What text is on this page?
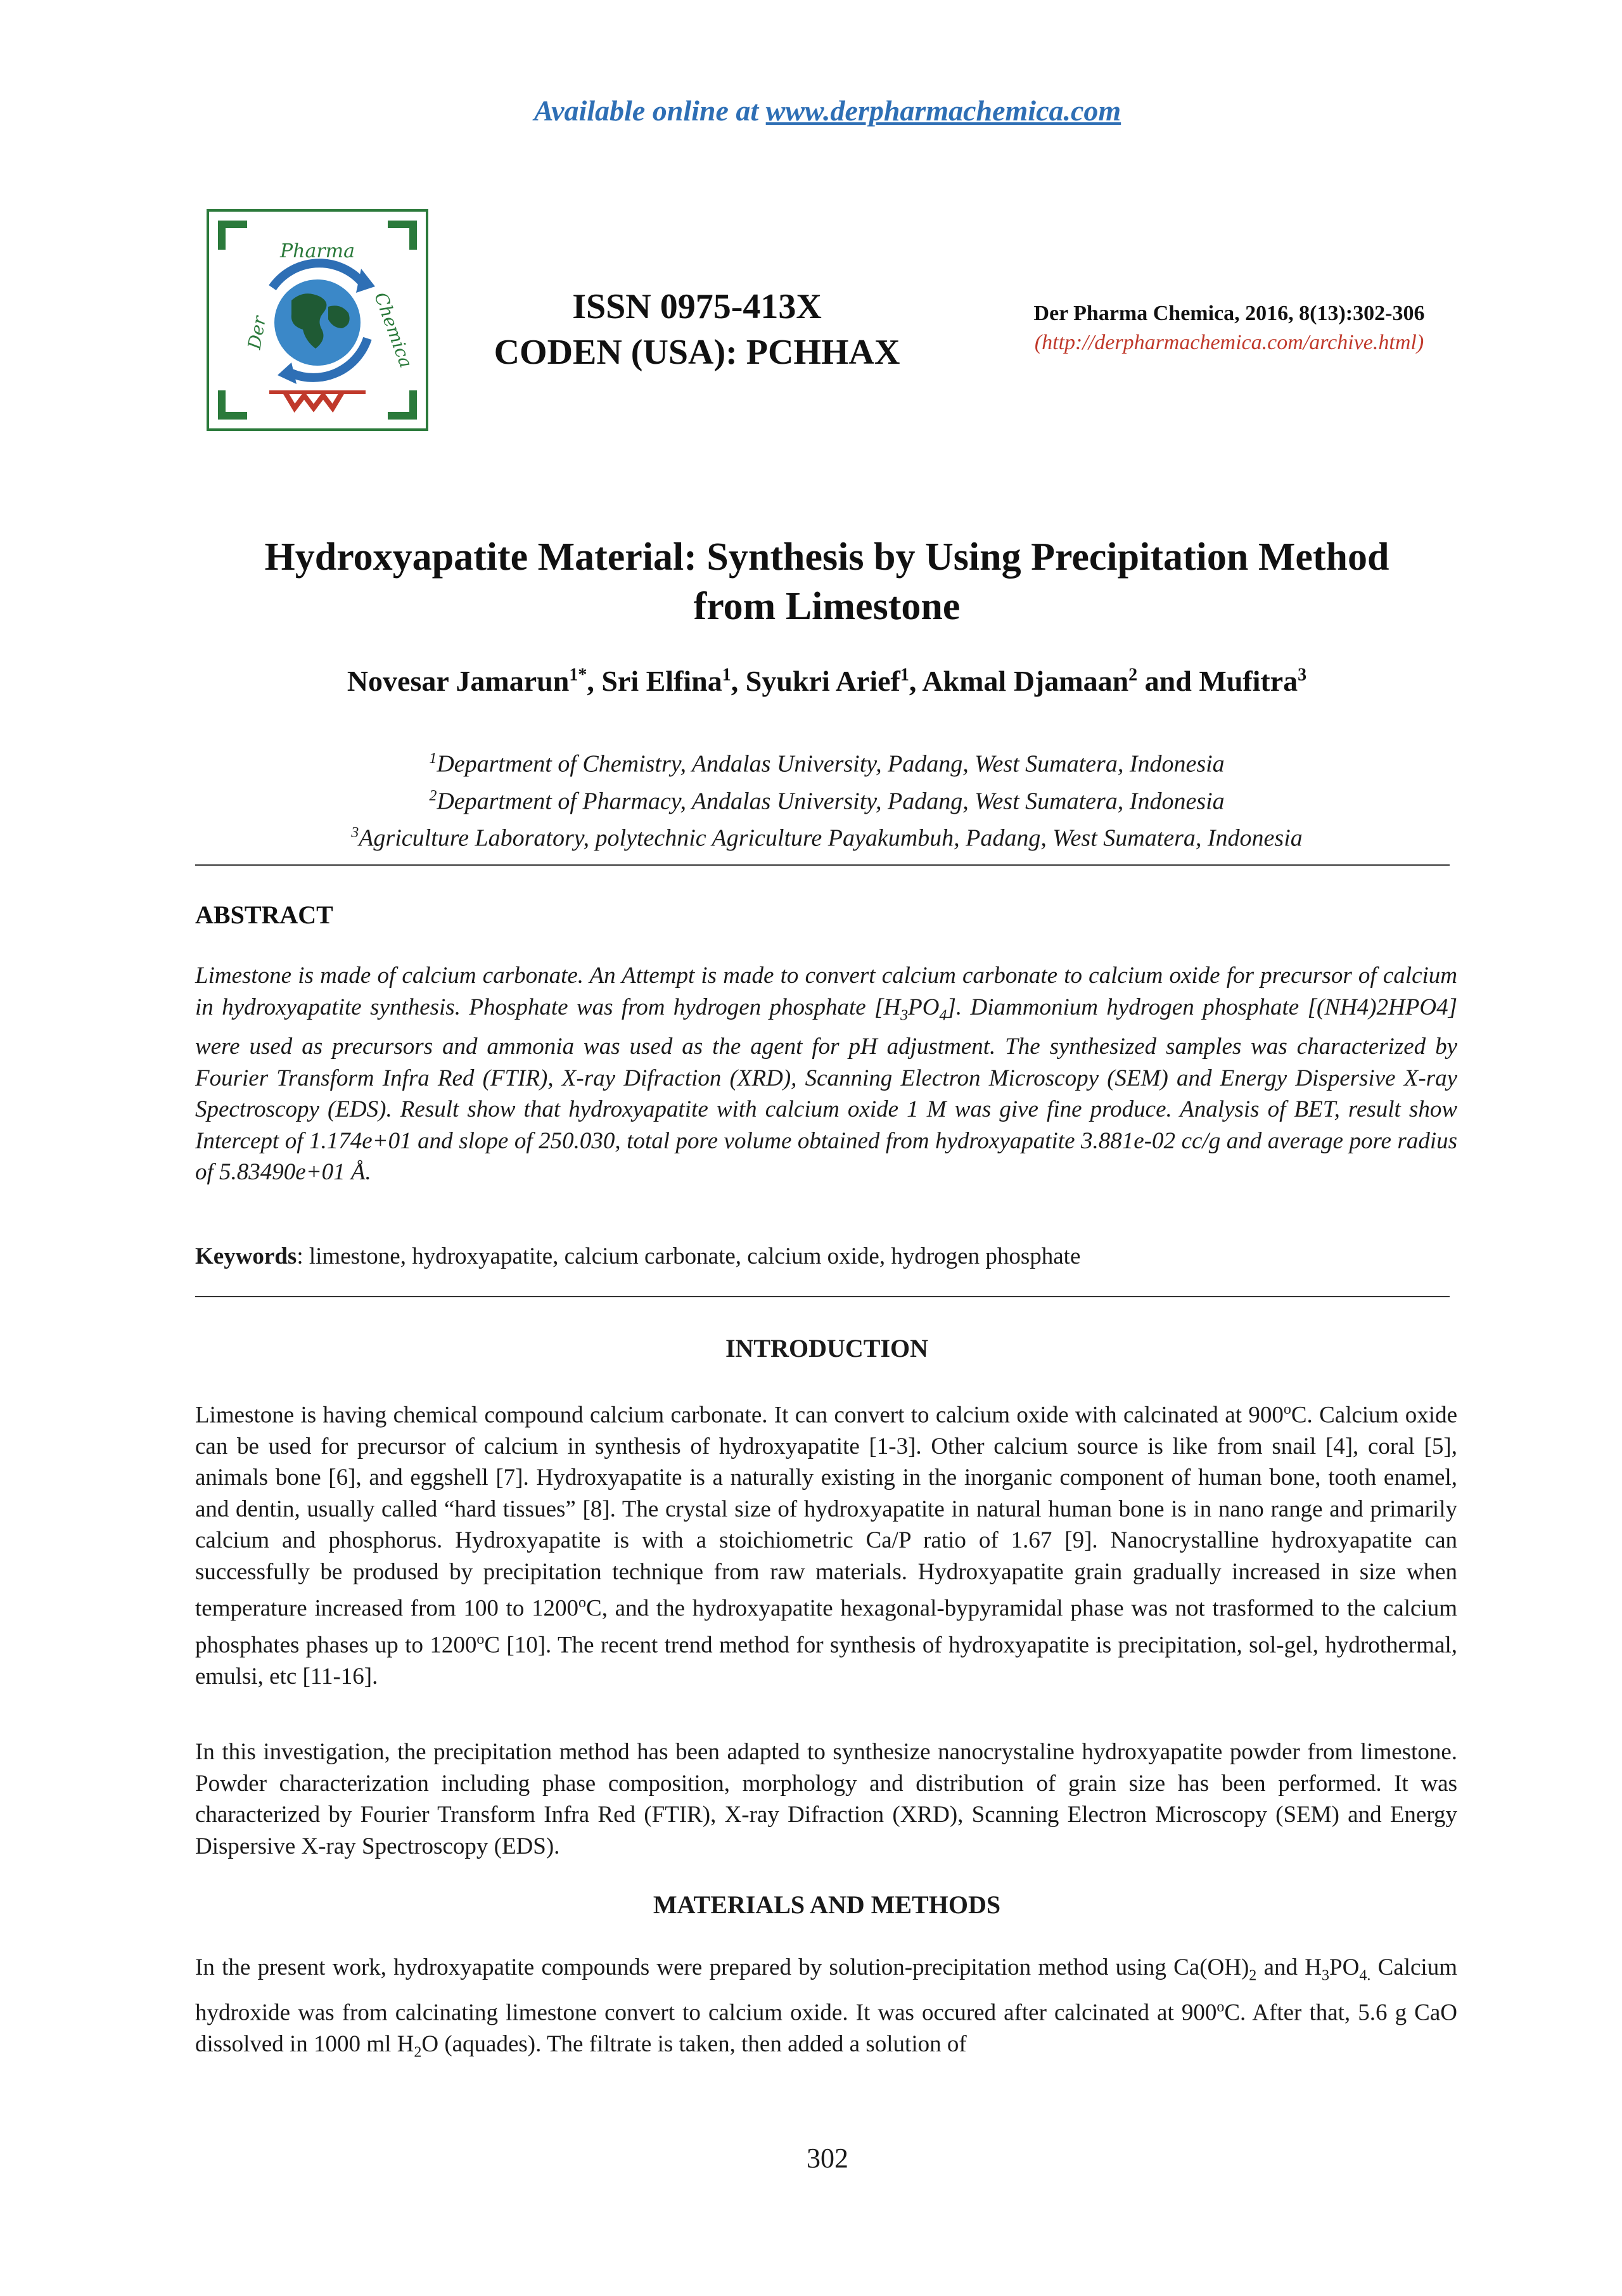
Available online at www.derpharmachemica.com
Pharma
Der	Chemica	ISSN 0975-413X
CODEN (USA): PCHHAX
Der Pharma Chemica, 2016, 8(13):302-306
(http://derpharmachemica.com/archive.html)
Hydroxyapatite Material: Synthesis by Using Precipitation Method
from Limestone
Novesar Jamarun$^{1*}$, Sri Elfina$^1$, Syukri Arief$^1$, Akmal Djamaan$^2$ and Mufitra$^3$
$^1$Department of Chemistry, Andalas University, Padang, West Sumatera, Indonesia
$^2$Department of Pharmacy, Andalas University, Padang, West Sumatera, Indonesia
$^3$Agriculture Laboratory, polytechnic Agriculture Payakumbuh, Padang, West Sumatera, Indonesia
ABSTRACT
Limestone is made of calcium carbonate. An Attempt is made to convert calcium carbonate to calcium oxide for precursor of calcium in hydroxyapatite synthesis. Phosphate was from hydrogen phosphate $[H_3PO_4]$. Diammonium hydrogen phosphate [(NH4)2HPO4] were used as precursors and ammonia was used as the agent for pH adjustment. The synthesized samples was characterized by Fourier Transform Infra Red (FTIR), X-ray Difraction (XRD), Scanning Electron Microscopy (SEM) and Energy Dispersive X-ray Spectroscopy (EDS). Result show that hydroxyapatite with calcium oxide 1 M was give fine produce. Analysis of BET, result show Intercept of 1.174e+01 and slope of 250.030, total pore volume obtained from hydroxyapatite 3.881e-02 cc/g and average pore radius of 5.83490e+01 Å.
Keywords: limestone, hydroxyapatite, calcium carbonate, calcium oxide, hydrogen phosphate
INTRODUCTION
Limestone is having chemical compound calcium carbonate. It can convert to calcium oxide with calcinated at 900$^o$C. Calcium oxide can be used for precursor of calcium in synthesis of hydroxyapatite [1-3]. Other calcium source is like from snail [4], coral [5], animals bone [6], and eggshell [7]. Hydroxyapatite is a naturally existing in the inorganic component of human bone, tooth enamel, and dentin, usually called “hard tissues” [8]. The crystal size of hydroxyapatite in natural human bone is in nano range and primarily calcium and phosphorus. Hydroxyapatite is with a stoichiometric Ca/P ratio of 1.67 [9]. Nanocrystalline hydroxyapatite can successfully be prodused by precipitation technique from raw materials. Hydroxyapatite grain gradually increased in size when temperature increased from 100 to 1200$^o$C, and the hydroxyapatite hexagonal-bypyramidal phase was not trasformed to the calcium phosphates phases up to 1200$^o$C [10]. The recent trend method for synthesis of hydroxyapatite is precipitation, sol-gel, hydrothermal, emulsi, etc [11-16].
In this investigation, the precipitation method has been adapted to synthesize nanocrystaline hydroxyapatite powder from limestone. Powder characterization including phase composition, morphology and distribution of grain size has been performed. It was characterized by Fourier Transform Infra Red (FTIR), X-ray Difraction (XRD), Scanning Electron Microscopy (SEM) and Energy Dispersive X-ray Spectroscopy (EDS).
MATERIALS AND METHODS
In the present work, hydroxyapatite compounds were prepared by solution-precipitation method using $Ca(OH)_2$ and $H_3PO_{4.}$ Calcium hydroxide was from calcinating limestone convert to calcium oxide. It was occured after calcinated at 900$^o$C. After that, 5.6 g CaO dissolved in 1000 ml $H_2O$ (aquades). The filtrate is taken, then added a solution of
302
